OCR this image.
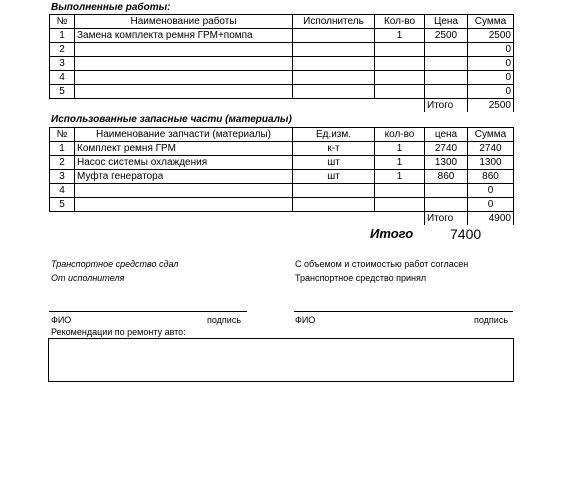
Выполненные работы:
№	Наименование работы	Исполнитель	Кол-во	Цена	Сумма
1	Замена комплекта ремня ГРМ+помпа		1	2500	2500
2					0
3					0
4					0
5					0
				Итого	2500
Использованные запасные части (материалы)
№	Наименование запчасти (материалы)	Ед.изм.	кол-во	цена	Сумма
1	Комплект ремня ГРМ	к-т	1	2740	2740
2	Насос системы охлаждения	шт	1	1300	1300
3	Муфта генератора	шт	1	860	860
4					0
5					0
				Итого	4900
Итого	7400
Транспортное средство сдал
От исполнителя
С объемом и стоимостью работ согласен
Транспортное средство принял
ФИО	подпись	ФИО	подпись
Рекомендации по ремонту авто:
